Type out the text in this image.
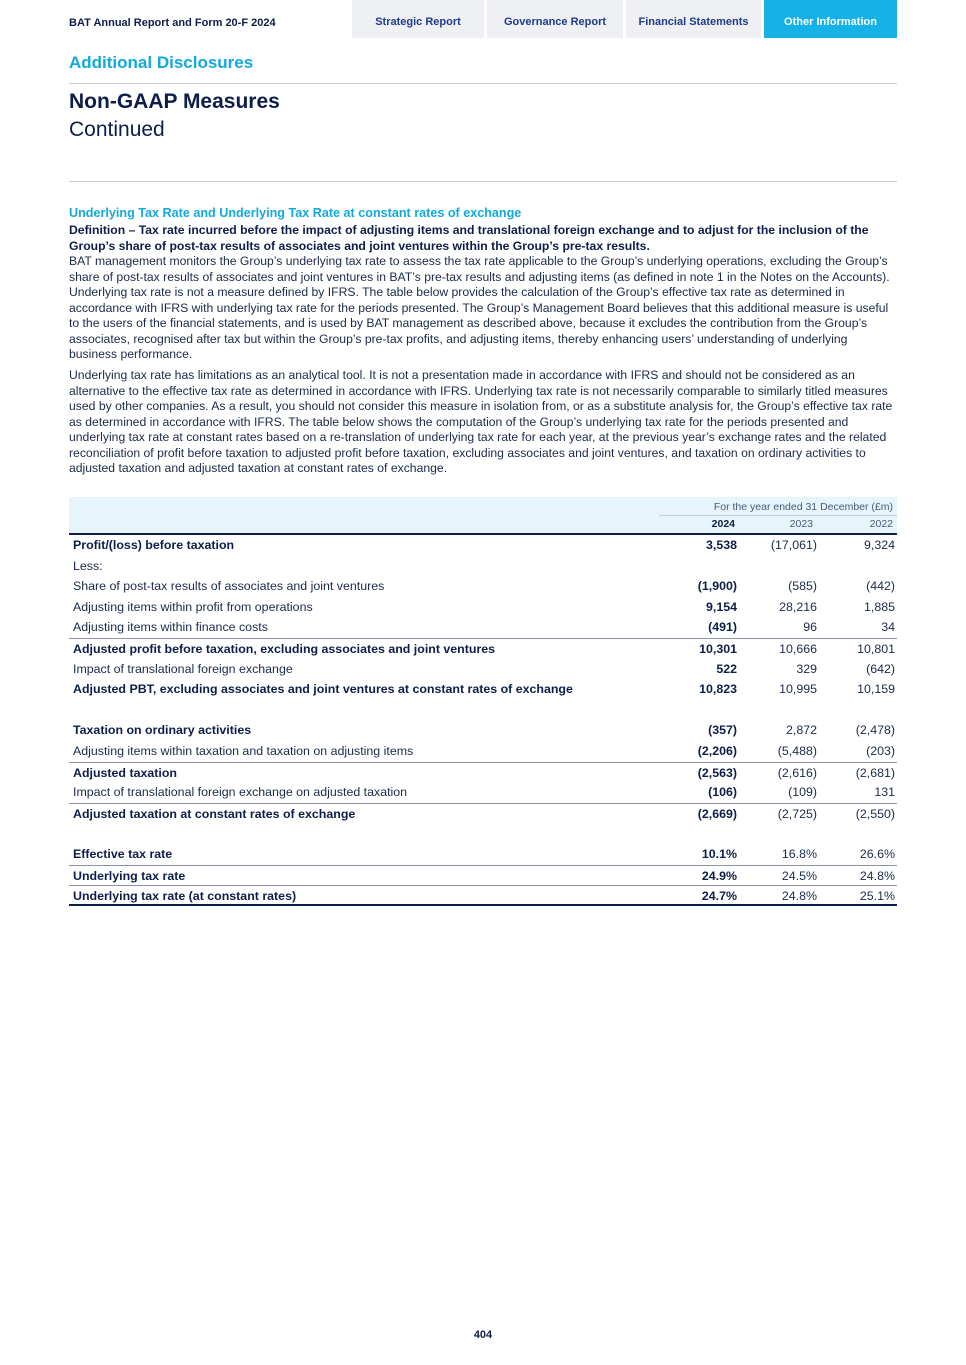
BAT Annual Report and Form 20-F 2024	Strategic Report	Governance Report	Financial Statements	Other Information
Additional Disclosures
Non-GAAP Measures
Continued
Underlying Tax Rate and Underlying Tax Rate at constant rates of exchange
Definition – Tax rate incurred before the impact of adjusting items and translational foreign exchange and to adjust for the inclusion of the Group’s share of post-tax results of associates and joint ventures within the Group’s pre-tax results.
BAT management monitors the Group’s underlying tax rate to assess the tax rate applicable to the Group’s underlying operations, excluding the Group’s share of post-tax results of associates and joint ventures in BAT’s pre-tax results and adjusting items (as defined in note 1 in the Notes on the Accounts). Underlying tax rate is not a measure defined by IFRS. The table below provides the calculation of the Group’s effective tax rate as determined in accordance with IFRS with underlying tax rate for the periods presented. The Group’s Management Board believes that this additional measure is useful to the users of the financial statements, and is used by BAT management as described above, because it excludes the contribution from the Group’s associates, recognised after tax but within the Group’s pre-tax profits, and adjusting items, thereby enhancing users’ understanding of underlying business performance.
Underlying tax rate has limitations as an analytical tool. It is not a presentation made in accordance with IFRS and should not be considered as an alternative to the effective tax rate as determined in accordance with IFRS. Underlying tax rate is not necessarily comparable to similarly titled measures used by other companies. As a result, you should not consider this measure in isolation from, or as a substitute analysis for, the Group’s effective tax rate as determined in accordance with IFRS. The table below shows the computation of the Group’s underlying tax rate for the periods presented and underlying tax rate at constant rates based on a re-translation of underlying tax rate for each year, at the previous year’s exchange rates and the related reconciliation of profit before taxation to adjusted profit before taxation, excluding associates and joint ventures, and taxation on ordinary activities to adjusted taxation and adjusted taxation at constant rates of exchange.
For the year ended 31 December (£m)
2024	2023	2022
Profit/(loss) before taxation	3,538	(17,061)	9,324
Less:
Share of post-tax results of associates and joint ventures	(1,900)	(585)	(442)
Adjusting items within profit from operations	9,154	28,216	1,885
Adjusting items within finance costs	(491)	96	34
Adjusted profit before taxation, excluding associates and joint ventures	10,301	10,666	10,801
Impact of translational foreign exchange	522	329	(642)
Adjusted PBT, excluding associates and joint ventures at constant rates of exchange	10,823	10,995	10,159
Taxation on ordinary activities	(357)	2,872	(2,478)
Adjusting items within taxation and taxation on adjusting items	(2,206)	(5,488)	(203)
Adjusted taxation	(2,563)	(2,616)	(2,681)
Impact of translational foreign exchange on adjusted taxation	(106)	(109)	131
Adjusted taxation at constant rates of exchange	(2,669)	(2,725)	(2,550)
Effective tax rate	10.1%	16.8%	26.6%
Underlying tax rate	24.9%	24.5%	24.8%
Underlying tax rate (at constant rates)	24.7%	24.8%	25.1%
404
